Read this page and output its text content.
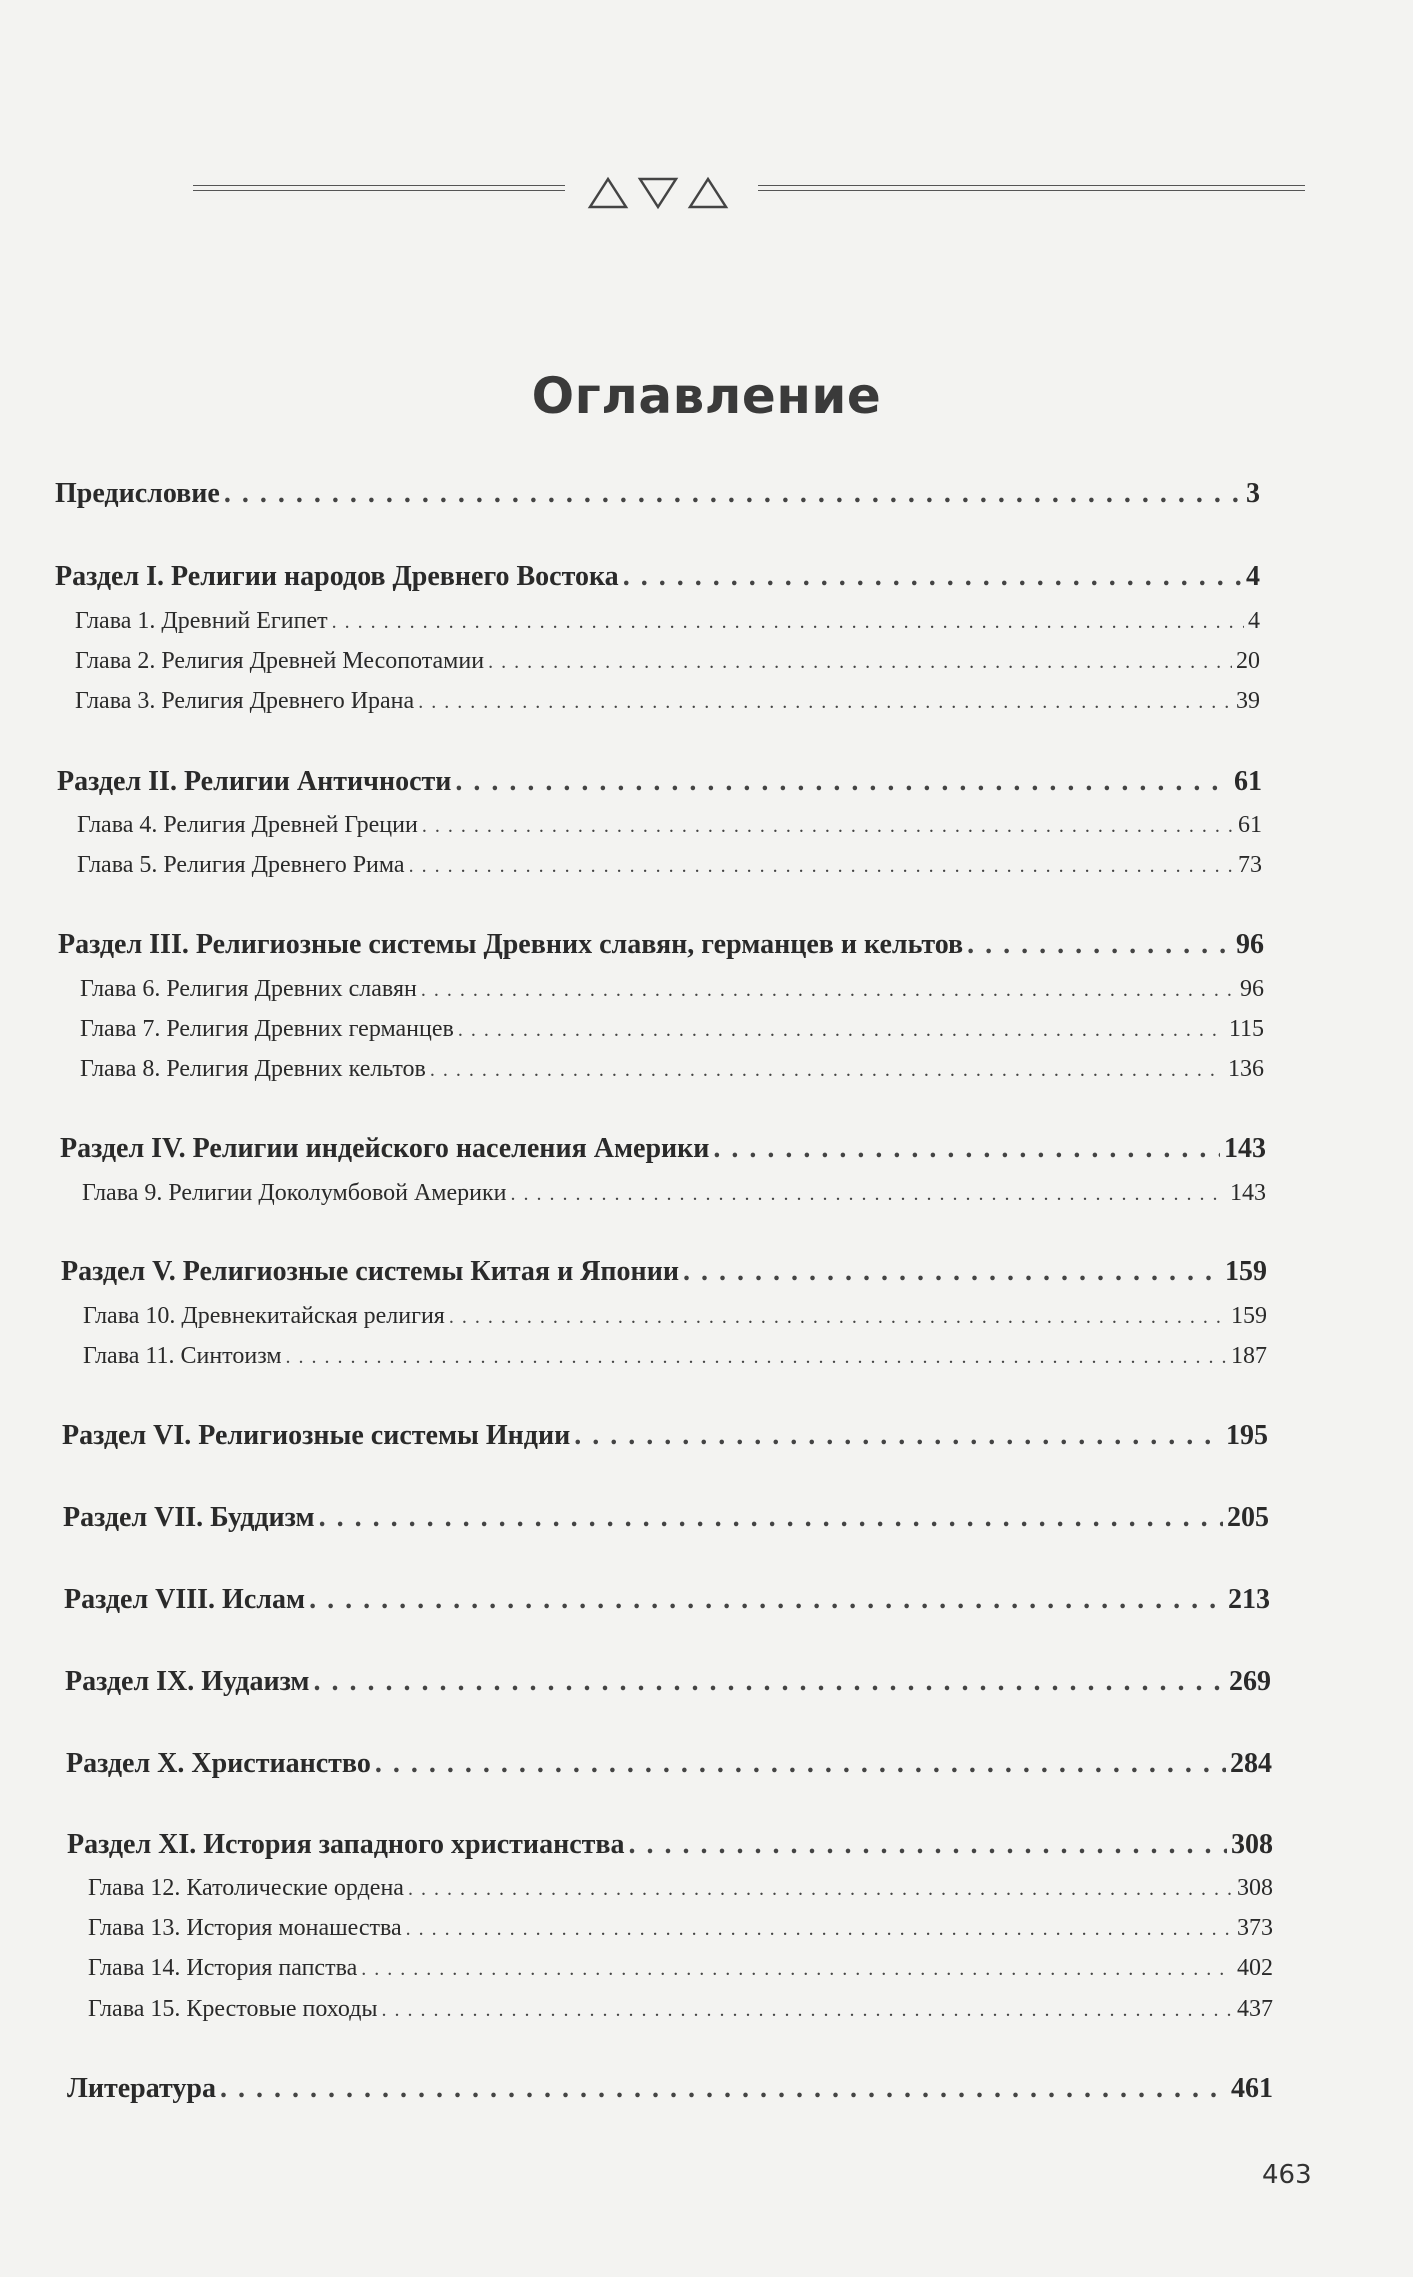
Оглавление
Предисловие . . .	3
Раздел I. Религии народов Древнего Востока . . .	4
Глава 1. Древний Египет . . .	4
Глава 2. Религия Древней Месопотамии . . .	20
Глава 3. Религия Древнего Ирана . . .	39
Раздел II. Религии Античности . . .	61
Глава 4. Религия Древней Греции . . .	61
Глава 5. Религия Древнего Рима . . .	73
Раздел III. Религиозные системы Древних славян, германцев и кельтов . . .	96
Глава 6. Религия Древних славян . . .	96
Глава 7. Религия Древних германцев . . .	115
Глава 8. Религия Древних кельтов . . .	136
Раздел IV. Религии индейского населения Америки . . .	143
Глава 9. Религии Доколумбовой Америки . . .	143
Раздел V. Религиозные системы Китая и Японии . . .	159
Глава 10. Древнекитайская религия . . .	159
Глава 11. Синтоизм . . .	187
Раздел VI. Религиозные системы Индии . . .	195
Раздел VII. Буддизм . . .	205
Раздел VIII. Ислам . . .	213
Раздел IX. Иудаизм . . .	269
Раздел X. Христианство . . .	284
Раздел XI. История западного христианства . . .	308
Глава 12. Католические ордена . . .	308
Глава 13. История монашества . . .	373
Глава 14. История папства . . .	402
Глава 15. Крестовые походы . . .	437
Литература . . .	461
463
